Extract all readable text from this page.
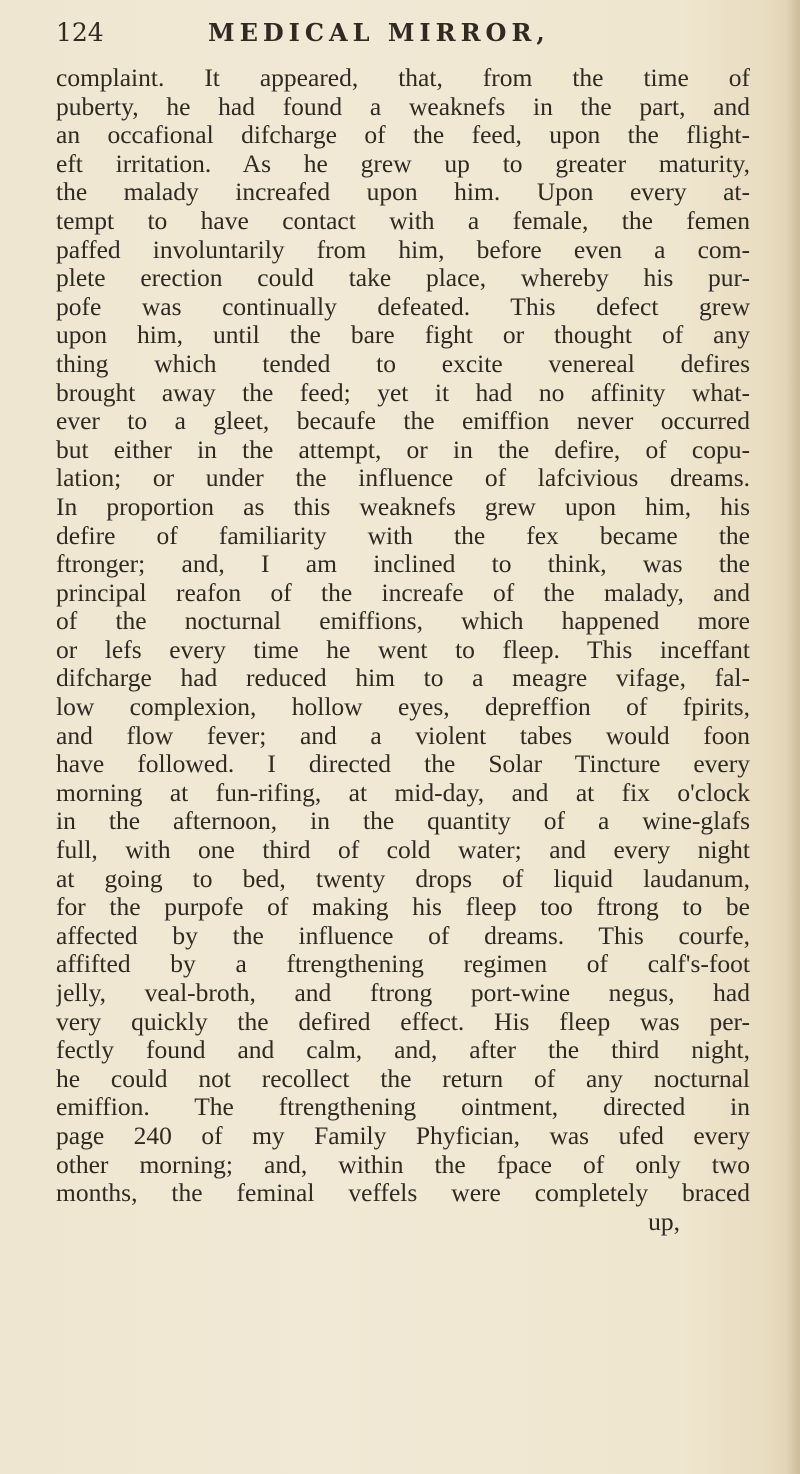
124	MEDICAL MIRROR,
complaint. It appeared, that, from the time of
puberty, he had found a weaknefs in the part, and
an occafional difcharge of the feed, upon the flight-
eft irritation. As he grew up to greater maturity,
the malady increafed upon him. Upon every at-
tempt to have contact with a female, the femen
paffed involuntarily from him, before even a com-
plete erection could take place, whereby his pur-
pofe was continually defeated. This defect grew
upon him, until the bare fight or thought of any
thing which tended to excite venereal defires
brought away the feed; yet it had no affinity what-
ever to a gleet, becaufe the emiffion never occurred
but either in the attempt, or in the defire, of copu-
lation; or under the influence of lafcivious dreams.
In proportion as this weaknefs grew upon him, his
defire of familiarity with the fex became the
ftronger; and, I am inclined to think, was the
principal reafon of the increafe of the malady, and
of the nocturnal emiffions, which happened more
or lefs every time he went to fleep. This inceffant
difcharge had reduced him to a meagre vifage, fal-
low complexion, hollow eyes, depreffion of fpirits,
and flow fever; and a violent tabes would foon
have followed. I directed the Solar Tincture every
morning at fun-rifing, at mid-day, and at fix o'clock
in the afternoon, in the quantity of a wine-glafs
full, with one third of cold water; and every night
at going to bed, twenty drops of liquid laudanum,
for the purpofe of making his fleep too ftrong to be
affected by the influence of dreams. This courfe,
affifted by a ftrengthening regimen of calf's-foot
jelly, veal-broth, and ftrong port-wine negus, had
very quickly the defired effect. His fleep was per-
fectly found and calm, and, after the third night,
he could not recollect the return of any nocturnal
emiffion. The ftrengthening ointment, directed in
page 240 of my Family Phyfician, was ufed every
other morning; and, within the fpace of only two
months, the feminal veffels were completely braced
up,
